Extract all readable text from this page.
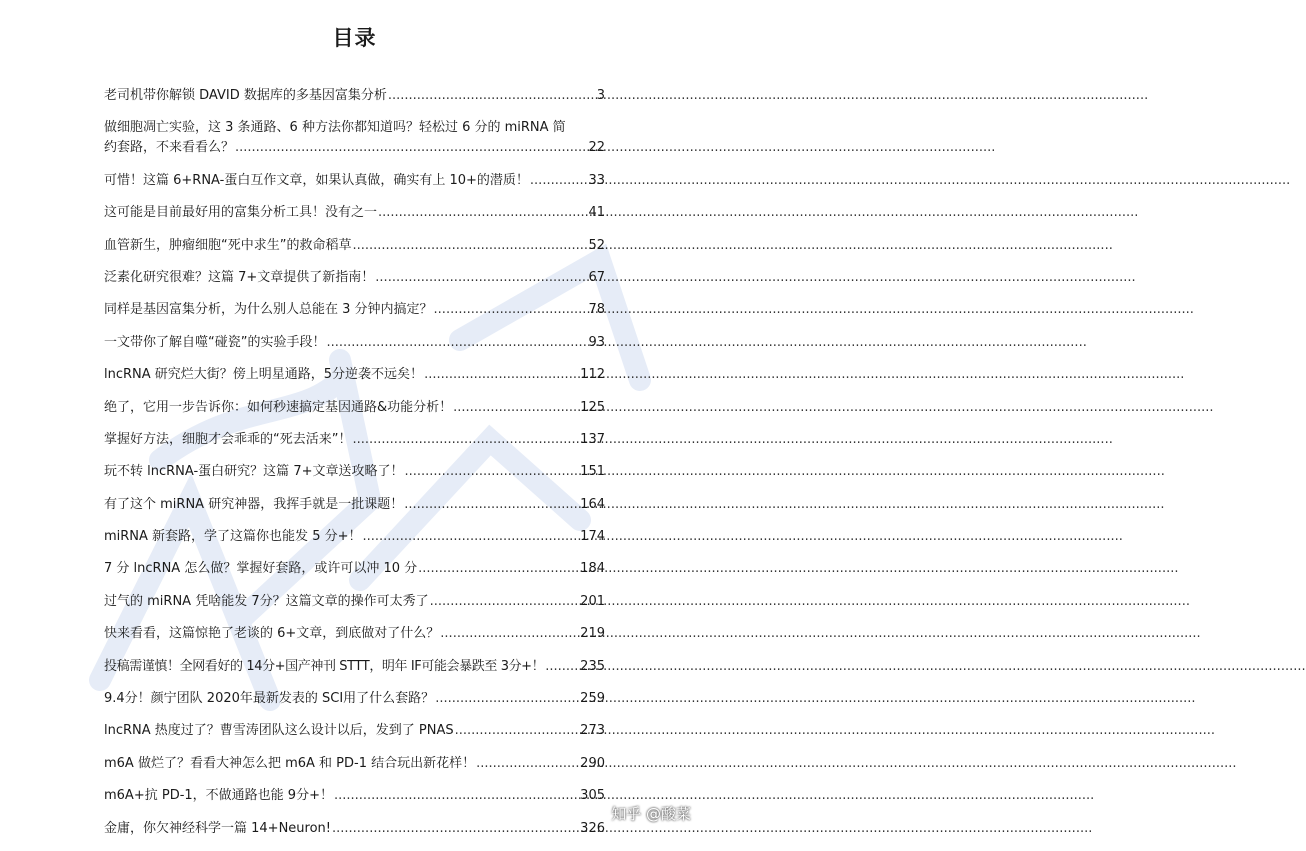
目录
老司机带你解锁 DAVID 数据库的多基因富集分析 .....	3
做细胞凋亡实验，这 3 条通路、6 种方法你都知道吗？轻松过 6 分的 miRNA 简
约套路，不来看看么？ .....	22
可惜！这篇 6+RNA-蛋白互作文章，如果认真做，确实有上 10+的潜质！ .....	33
这可能是目前最好用的富集分析工具！没有之一 .....	41
血管新生，肿瘤细胞“死中求生”的救命稻草 .....	52
泛素化研究很难？这篇 7+文章提供了新指南！ .....	67
同样是基因富集分析，为什么别人总能在 3 分钟内搞定？ .....	78
一文带你了解自噬“碰瓷”的实验手段！ .....	93
lncRNA 研究烂大街？傍上明星通路，5分逆袭不远矣！ .....	112
绝了，它用一步告诉你：如何秒速搞定基因通路&功能分析！ .....	125
掌握好方法，细胞才会乖乖的“死去活来”！ .....	137
玩不转 lncRNA-蛋白研究？这篇 7+文章送攻略了！ .....	151
有了这个 miRNA 研究神器，我挥手就是一批课题！ .....	164
miRNA 新套路，学了这篇你也能发 5 分+！ .....	174
7 分 lncRNA 怎么做？掌握好套路，或许可以冲 10 分 .....	184
过气的 miRNA 凭啥能发 7分？这篇文章的操作可太秀了 .....	201
快来看看，这篇惊艳了老谈的 6+文章，到底做对了什么？ .....	219
投稿需谨慎！全网看好的 14分+国产神刊 STTT，明年 IF可能会暴跌至 3分+！ .....	235
9.4分！颜宁团队 2020年最新发表的 SCI用了什么套路？ .....	259
lncRNA 热度过了？曹雪涛团队这么设计以后，发到了 PNAS .....	273
m6A 做烂了？看看大神怎么把 m6A 和 PD-1 结合玩出新花样！ .....	290
m6A+抗 PD-1，不做通路也能 9分+！ .....	305
金庸，你欠神经科学一篇 14+Neuron! .....	326
知乎 @酸菜
